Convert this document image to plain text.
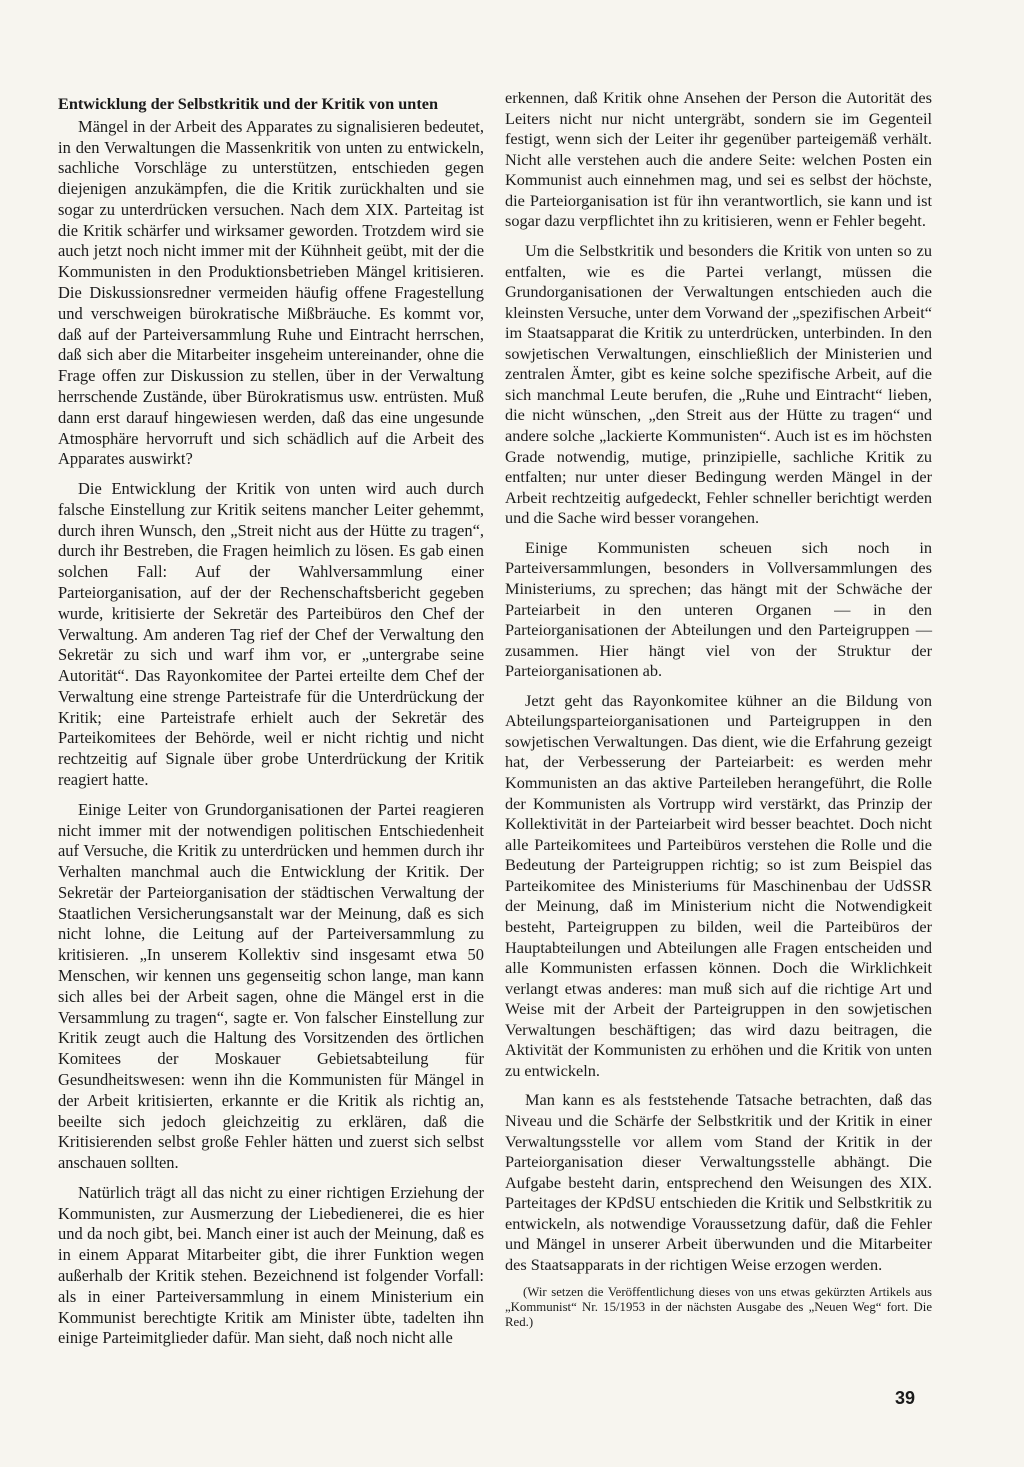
Entwicklung der Selbstkritik und der Kritik von unten

Mängel in der Arbeit des Apparates zu signalisieren bedeutet, in den Verwaltungen die Massenkritik von unten zu entwickeln, sachliche Vorschläge zu unterstützen, entschieden gegen diejenigen anzukämpfen, die die Kritik zurückhalten und sie sogar zu unterdrücken versuchen. Nach dem XIX. Parteitag ist die Kritik schärfer und wirksamer geworden. Trotzdem wird sie auch jetzt noch nicht immer mit der Kühnheit geübt, mit der die Kommunisten in den Produktionsbetrieben Mängel kritisieren. Die Diskussionsredner vermeiden häufig offene Fragestellung und verschweigen bürokratische Mißbräuche. Es kommt vor, daß auf der Parteiversammlung Ruhe und Eintracht herrschen, daß sich aber die Mitarbeiter insgeheim untereinander, ohne die Frage offen zur Diskussion zu stellen, über in der Verwaltung herrschende Zustände, über Bürokratismus usw. entrüsten. Muß dann erst darauf hingewiesen werden, daß das eine ungesunde Atmosphäre hervorruft und sich schädlich auf die Arbeit des Apparates auswirkt?

Die Entwicklung der Kritik von unten wird auch durch falsche Einstellung zur Kritik seitens mancher Leiter gehemmt, durch ihren Wunsch, den „Streit nicht aus der Hütte zu tragen“, durch ihr Bestreben, die Fragen heimlich zu lösen. Es gab einen solchen Fall: Auf der Wahlversammlung einer Parteiorganisation, auf der der Rechenschaftsbericht gegeben wurde, kritisierte der Sekretär des Parteibüros den Chef der Verwaltung. Am anderen Tag rief der Chef der Verwaltung den Sekretär zu sich und warf ihm vor, er „untergrabe seine Autorität“. Das Rayonkomitee der Partei erteilte dem Chef der Verwaltung eine strenge Parteistrafe für die Unterdrückung der Kritik; eine Parteistrafe erhielt auch der Sekretär des Parteikomitees der Behörde, weil er nicht richtig und nicht rechtzeitig auf Signale über grobe Unterdrückung der Kritik reagiert hatte.

Einige Leiter von Grundorganisationen der Partei reagieren nicht immer mit der notwendigen politischen Entschiedenheit auf Versuche, die Kritik zu unterdrücken und hemmen durch ihr Verhalten manchmal auch die Entwicklung der Kritik. Der Sekretär der Parteiorganisation der städtischen Verwaltung der Staatlichen Versicherungsanstalt war der Meinung, daß es sich nicht lohne, die Leitung auf der Parteiversammlung zu kritisieren. „In unserem Kollektiv sind insgesamt etwa 50 Menschen, wir kennen uns gegenseitig schon lange, man kann sich alles bei der Arbeit sagen, ohne die Mängel erst in die Versammlung zu tragen“, sagte er. Von falscher Einstellung zur Kritik zeugt auch die Haltung des Vorsitzenden des örtlichen Komitees der Moskauer Gebietsabteilung für Gesundheitswesen: wenn ihn die Kommunisten für Mängel in der Arbeit kritisierten, erkannte er die Kritik als richtig an, beeilte sich jedoch gleichzeitig zu erklären, daß die Kritisierenden selbst große Fehler hätten und zuerst sich selbst anschauen sollten.

Natürlich trägt all das nicht zu einer richtigen Erziehung der Kommunisten, zur Ausmerzung der Liebedienerei, die es hier und da noch gibt, bei. Manch einer ist auch der Meinung, daß es in einem Apparat Mitarbeiter gibt, die ihrer Funktion wegen außerhalb der Kritik stehen. Bezeichnend ist folgender Vorfall: als in einer Parteiversammlung in einem Ministerium ein Kommunist berechtigte Kritik am Minister übte, tadelten ihn einige Parteimitglieder dafür. Man sieht, daß noch nicht alle

erkennen, daß Kritik ohne Ansehen der Person die Autorität des Leiters nicht nur nicht untergräbt, sondern sie im Gegenteil festigt, wenn sich der Leiter ihr gegenüber parteigemäß verhält. Nicht alle verstehen auch die andere Seite: welchen Posten ein Kommunist auch einnehmen mag, und sei es selbst der höchste, die Parteiorganisation ist für ihn verantwortlich, sie kann und ist sogar dazu verpflichtet ihn zu kritisieren, wenn er Fehler begeht.

Um die Selbstkritik und besonders die Kritik von unten so zu entfalten, wie es die Partei verlangt, müssen die Grundorganisationen der Verwaltungen entschieden auch die kleinsten Versuche, unter dem Vorwand der „spezifischen Arbeit“ im Staatsapparat die Kritik zu unterdrücken, unterbinden. In den sowjetischen Verwaltungen, einschließlich der Ministerien und zentralen Ämter, gibt es keine solche spezifische Arbeit, auf die sich manchmal Leute berufen, die „Ruhe und Eintracht“ lieben, die nicht wünschen, „den Streit aus der Hütte zu tragen“ und andere solche „lackierte Kommunisten“. Auch ist es im höchsten Grade notwendig, mutige, prinzipielle, sachliche Kritik zu entfalten; nur unter dieser Bedingung werden Mängel in der Arbeit rechtzeitig aufgedeckt, Fehler schneller berichtigt werden und die Sache wird besser vorangehen.

Einige Kommunisten scheuen sich noch in Parteiversammlungen, besonders in Vollversammlungen des Ministeriums, zu sprechen; das hängt mit der Schwäche der Parteiarbeit in den unteren Organen — in den Parteiorganisationen der Abteilungen und den Parteigruppen — zusammen. Hier hängt viel von der Struktur der Parteiorganisationen ab.

Jetzt geht das Rayonkomitee kühner an die Bildung von Abteilungsparteiorganisationen und Parteigruppen in den sowjetischen Verwaltungen. Das dient, wie die Erfahrung gezeigt hat, der Verbesserung der Parteiarbeit: es werden mehr Kommunisten an das aktive Parteileben herangeführt, die Rolle der Kommunisten als Vortrupp wird verstärkt, das Prinzip der Kollektivität in der Parteiarbeit wird besser beachtet. Doch nicht alle Parteikomitees und Parteibüros verstehen die Rolle und die Bedeutung der Parteigruppen richtig; so ist zum Beispiel das Parteikomitee des Ministeriums für Maschinenbau der UdSSR der Meinung, daß im Ministerium nicht die Notwendigkeit besteht, Parteigruppen zu bilden, weil die Parteibüros der Hauptabteilungen und Abteilungen alle Fragen entscheiden und alle Kommunisten erfassen können. Doch die Wirklichkeit verlangt etwas anderes: man muß sich auf die richtige Art und Weise mit der Arbeit der Parteigruppen in den sowjetischen Verwaltungen beschäftigen; das wird dazu beitragen, die Aktivität der Kommunisten zu erhöhen und die Kritik von unten zu entwickeln.

Man kann es als feststehende Tatsache betrachten, daß das Niveau und die Schärfe der Selbstkritik und der Kritik in einer Verwaltungsstelle vor allem vom Stand der Kritik in der Parteiorganisation dieser Verwaltungsstelle abhängt. Die Aufgabe besteht darin, entsprechend den Weisungen des XIX. Parteitages der KPdSU entschieden die Kritik und Selbstkritik zu entwickeln, als notwendige Voraussetzung dafür, daß die Fehler und Mängel in unserer Arbeit überwunden und die Mitarbeiter des Staatsapparats in der richtigen Weise erzogen werden.

(Wir setzen die Veröffentlichung dieses von uns etwas gekürzten Artikels aus „Kommunist“ Nr. 15/1953 in der nächsten Ausgabe des „Neuen Weg“ fort. Die Red.)

39
